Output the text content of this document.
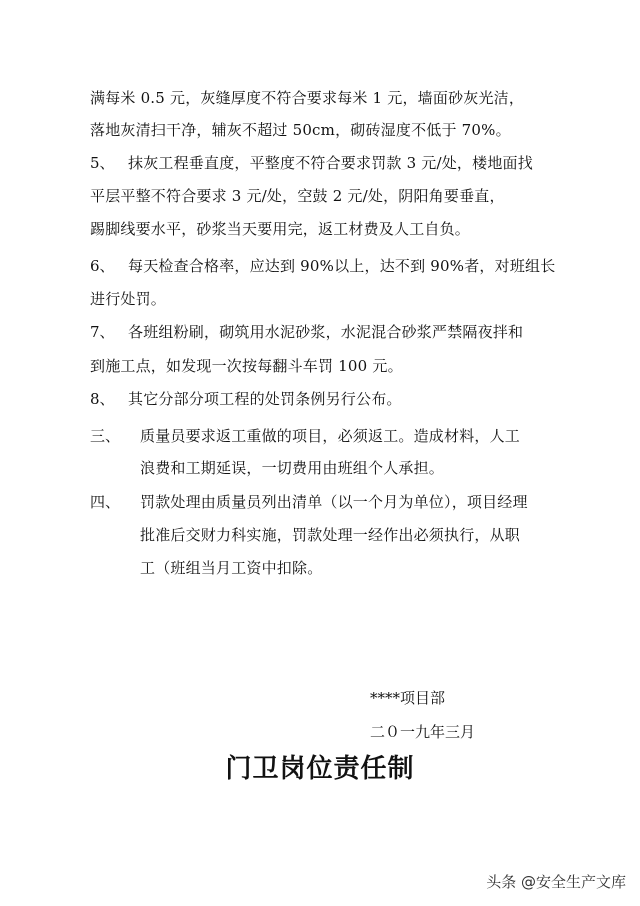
满每米 0.5 元，灰缝厚度不符合要求每米 1 元，墙面砂灰光洁，
落地灰清扫干净，辅灰不超过 50cm，砌砖湿度不低于 70%。
5、 抹灰工程垂直度，平整度不符合要求罚款 3 元/处，楼地面找
平层平整不符合要求 3 元/处，空鼓 2 元/处，阴阳角要垂直，
踢脚线要水平，砂浆当天要用完，返工材费及人工自负。
6、 每天检查合格率，应达到 90%以上，达不到 90%者，对班组长
进行处罚。
7、 各班组粉刷，砌筑用水泥砂浆，水泥混合砂浆严禁隔夜拌和
到施工点，如发现一次按每翻斗车罚 100 元。
8、 其它分部分项工程的处罚条例另行公布。
三、 质量员要求返工重做的项目，必须返工。造成材料，人工
浪费和工期延误，一切费用由班组个人承担。
四、 罚款处理由质量员列出清单（以一个月为单位），项目经理
批准后交财力科实施，罚款处理一经作出必须执行，从职
工（班组当月工资中扣除。
****项目部
二０一九年三月
门卫岗位责任制
头条 @安全生产文库
